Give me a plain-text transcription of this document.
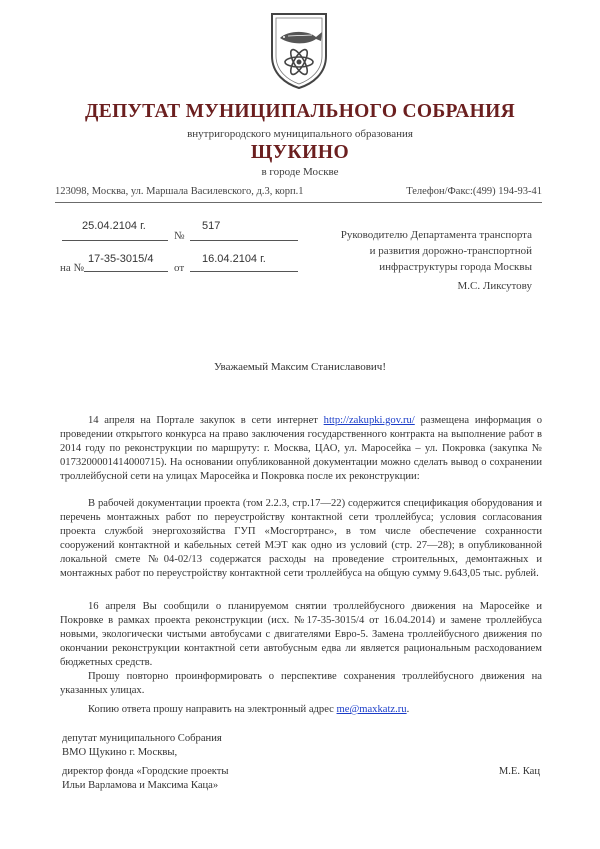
ДЕПУТАТ МУНИЦИПАЛЬНОГО СОБРАНИЯ
внутригородского муниципального образования
ЩУКИНО
в городе Москве
123098, Москва, ул. Маршала Василевского, д.3, корп.1	Телефон/Факс:(499) 194-93-41
25.04.2104 г.
№
517
на №
17-35-3015/4
от
16.04.2104 г.
Руководителю Департамента транспорта
и развития дорожно-транспортной
инфраструктуры города Москвы
М.С. Ликсутову
Уважаемый Максим Станиславович!

14 апреля на Портале закупок в сети интернет http://zakupki.gov.ru/ размещена информация о проведении открытого конкурса на право заключения государственного контракта на выполнение работ в 2014 году по реконструкции по маршруту: г. Москва, ЦАО, ул. Маросейка – ул. Покровка (закупка № 0173200001414000715). На основании опубликованной документации можно сделать вывод о сохранении троллейбусной сети на улицах Маросейка и Покровка после их реконструкции:

В рабочей документации проекта (том 2.2.3, стр.17—22) содержится спецификация оборудования и перечень монтажных работ по переустройству контактной сети троллейбуса; условия согласования проекта службой энергохозяйства ГУП «Мосгортранс», в том числе обеспечение сохранности сооружений контактной и кабельных сетей МЭТ как одно из условий (стр. 27—28); в опубликованной локальной смете №04-02/13 содержатся расходы на проведение строительных, демонтажных и монтажных работ по переустройству контактной сети троллейбуса на общую сумму 9.643,05 тыс. рублей.

16 апреля Вы сообщили о планируемом снятии троллейбусного движения на Маросейке и Покровке в рамках проекта реконструкции (исх. №17-35-3015/4 от 16.04.2014) и замене троллейбуса новыми, экологически чистыми автобусами с двигателями Евро-5. Замена троллейбусного движения по окончании реконструкции контактной сети автобусным едва ли является рациональным расходованием бюджетных средств.

Прошу повторно проинформировать о перспективе сохранения троллейбусного движения на указанных улицах.

Копию ответа прошу направить на электронный адрес me@maxkatz.ru.

депутат муниципального Собрания
ВМО Щукино г. Москвы,
директор фонда «Городские проекты
Ильи Варламова и Максима Каца»
М.Е. Кац
